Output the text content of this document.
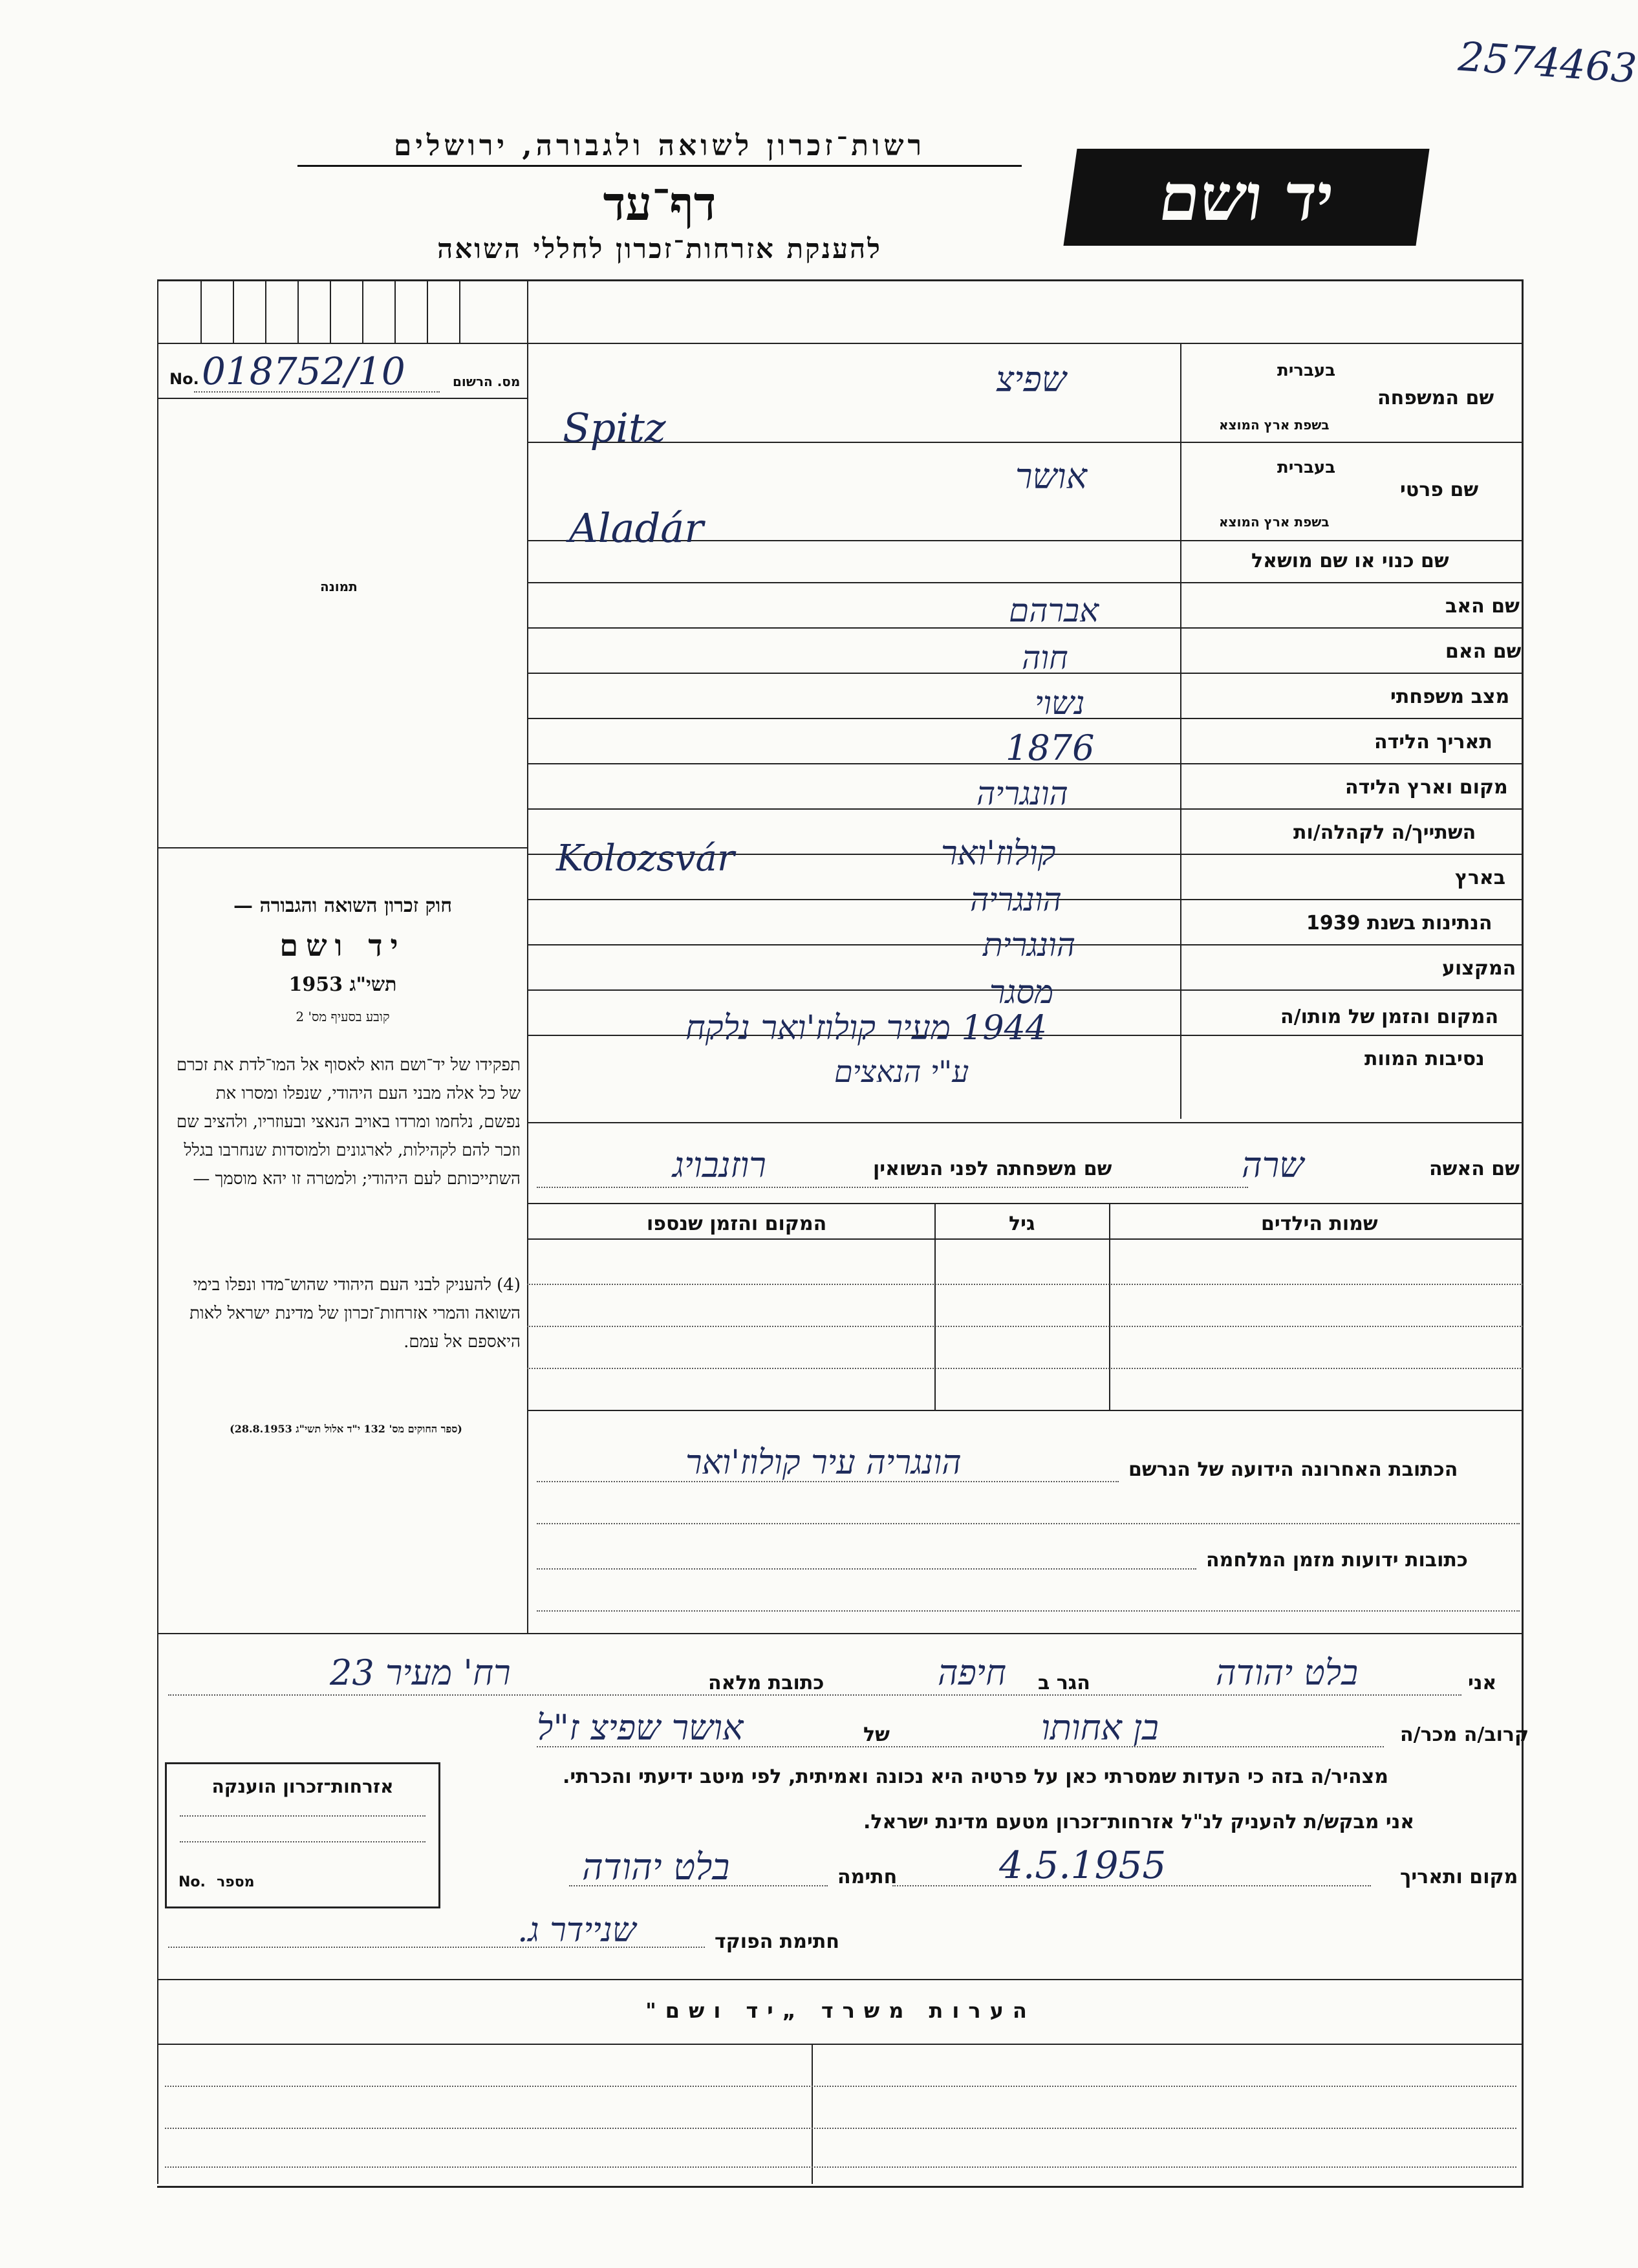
2574463
רשות־זכרון לשואה ולגבורה, ירושלים
דף־עד
להענקת אזרחות־זכרון לחללי השואה
יד ושם
No. 018752/10	מס. הרשום
תמונה
חוק זכרון השואה והגבורה —
יד ושם
תשי"ג 1953
קובע בסעיף מס' 2
תפקידו של יד־ושם הוא לאסוף אל המו־לדת את זכרם של כל אלה מבני העם היהודי, שנפלו ומסרו את נפשם, נלחמו ומרדו באויב הנאצי ובעוזריו, ולהציב שם וזכר להם לקהילות, לארגונים ולמוסדות שנחרבו בגלל השתייכותם לעם היהודי; ולמטרה זו יהא מוסמך —
(4) להעניק לבני העם היהודי שהוש־מדו ונפלו בימי השואה והמרי אזרחות־זכרון של מדינת ישראל לאות היאספם אל עמם.
(ספר החוקים מס' 132 י"ד אלול תשי"ג 28.8.1953)
שם המשפחה
בעברית
בשפת ארץ המוצא
שפיצ
Spitz
שם פרטי
בעברית
בשפת ארץ המוצא
אושר
Aladár
שם כנוי או שם מושאל
שם האב
אברהם
שם האם
חוה
מצב משפחתי
נשוי
תאריך הלידה
1876
מקום וארץ הלידה
הונגריה
השתייך/ה לקהלה/ות
Kolozsvár	קולוז'ואר
בארץ
הונגריה
הנתינות בשנת 1939
הונגרית
המקצוע
מסגר
המקום והזמן של מותו/ה
1944 מעיר קולוז'ואר נלקח
נסיבות המוות
ע"י הנאצים
שם האשה
שרה
שם משפחתה לפני הנשואין
רוזנבויג
שמות הילדים
גיל
המקום והזמן שנספו
הכתובת האחרונה הידועה של הנרשם
הונגריה עיר קולוז'ואר
כתובות ידועות מזמן המלחמה
אני
בלט יהודה
הגר ב
חיפה
כתובת מלאה
רח' מעיר 23
קרוב/ה מכר/ה
בן אחותו
של
אושר שפיצ ז"ל
מצהיר/ה בזה כי העדות שמסרתי כאן על פרטיה היא נכונה ואמיתית, לפי מיטב ידיעתי והכרתי.
אני מבקש/ת להעניק לנ"ל אזרחות־זכרון מטעם מדינת ישראל.
מקום ותאריך
4.5.1955
חתימה
בלט יהודה
חתימת הפוקד
שניידר ג.
אזרחות־זכרון הוענקה
No. מספר
הערות משרד „יד ושם"
